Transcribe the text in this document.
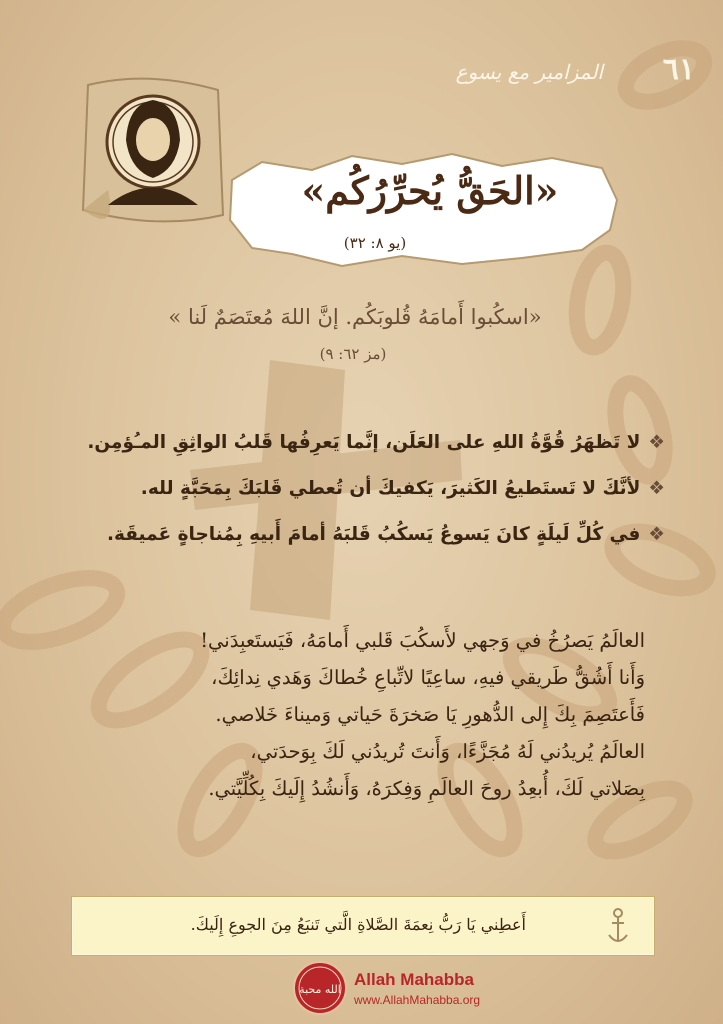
٦١
المزامير مع يسوع
«الحَقُّ يُحرِّرُكُم»
(يو ٨: ٣٢)
«اسكُبوا أَمامَهُ قُلوبَكُم. إنَّ اللهَ مُعتَصَمٌ لَنا »
(مز ٦٢: ٩)
❖لا تَظهَرُ قُوَّةُ اللهِ على العَلَن، إنَّما يَعرِفُها قَلبُ الواثِقِ المـُؤمِن.
❖لأنَّكَ لا تَستَطيعُ الكَثيرَ، يَكفيكَ أن تُعطي قَلبَكَ بِمَحَبَّةٍ لله.
❖في كُلِّ لَيلَةٍ كانَ يَسوعُ يَسكُبُ قَلبَهُ أمامَ أَبيهِ بِمُناجاةٍ عَميقَة.
العالَمُ يَصرُخُ في وَجهي لأَسكُبَ قَلبي أَمامَهُ، فَيَستَعبِدَني!
وَأَنا أَشُقُّ طَريقي فيهِ، ساعِيًا لاتِّباعِ خُطاكَ وَهَدي نِدائِكَ،
فَأَعتَصِمَ بِكَ إِلى الدُّهورِ يَا صَخرَةَ حَياتي وَميناءَ خَلاصي.
العالَمُ يُريدُني لَهُ مُجَزَّءًا، وَأَنتَ تُريدُني لَكَ بِوَحدَتي،
بِصَلاتي لَكَ، أُبعِدُ روحَ العالَمِ وَفِكرَهُ، وَأَنشُدُ إِلَيكَ بِكُلِّيَّتي.
أَعطِني يَا رَبُّ نِعمَةَ الصَّلاةِ الَّتي تَنبَعُ مِنَ الجوعِ إِلَيكَ.
الله محبة
Allah Mahabba
www.AllahMahabba.org
